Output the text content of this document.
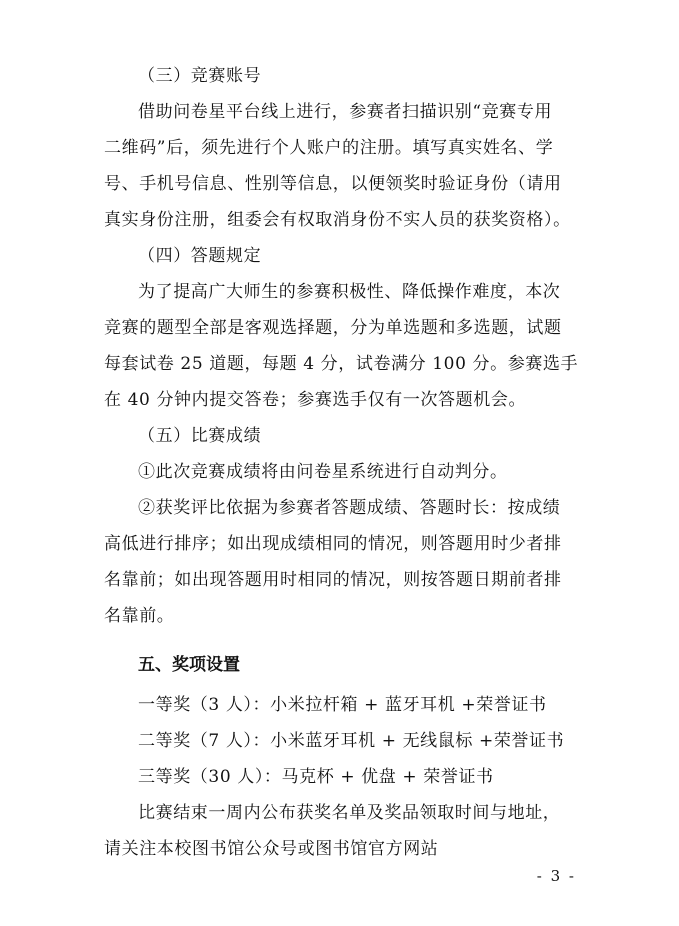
（三）竞赛账号
借助问卷星平台线上进行，参赛者扫描识别“竞赛专用
二维码”后，须先进行个人账户的注册。填写真实姓名、学
号、手机号信息、性别等信息，以便领奖时验证身份（请用
真实身份注册，组委会有权取消身份不实人员的获奖资格）。
（四）答题规定
为了提高广大师生的参赛积极性、降低操作难度，本次
竞赛的题型全部是客观选择题，分为单选题和多选题，试题
每套试卷 25 道题，每题 4 分，试卷满分 100 分。参赛选手
在 40 分钟内提交答卷；参赛选手仅有一次答题机会。
（五）比赛成绩
①此次竞赛成绩将由问卷星系统进行自动判分。
②获奖评比依据为参赛者答题成绩、答题时长：按成绩
高低进行排序；如出现成绩相同的情况，则答题用时少者排
名靠前；如出现答题用时相同的情况，则按答题日期前者排
名靠前。
五、奖项设置
一等奖（3 人）：小米拉杆箱 + 蓝牙耳机 +荣誉证书
二等奖（7 人）：小米蓝牙耳机 + 无线鼠标 +荣誉证书
三等奖（30 人）：马克杯 + 优盘 + 荣誉证书
比赛结束一周内公布获奖名单及奖品领取时间与地址，
请关注本校图书馆公众号或图书馆官方网站
- 3 -
